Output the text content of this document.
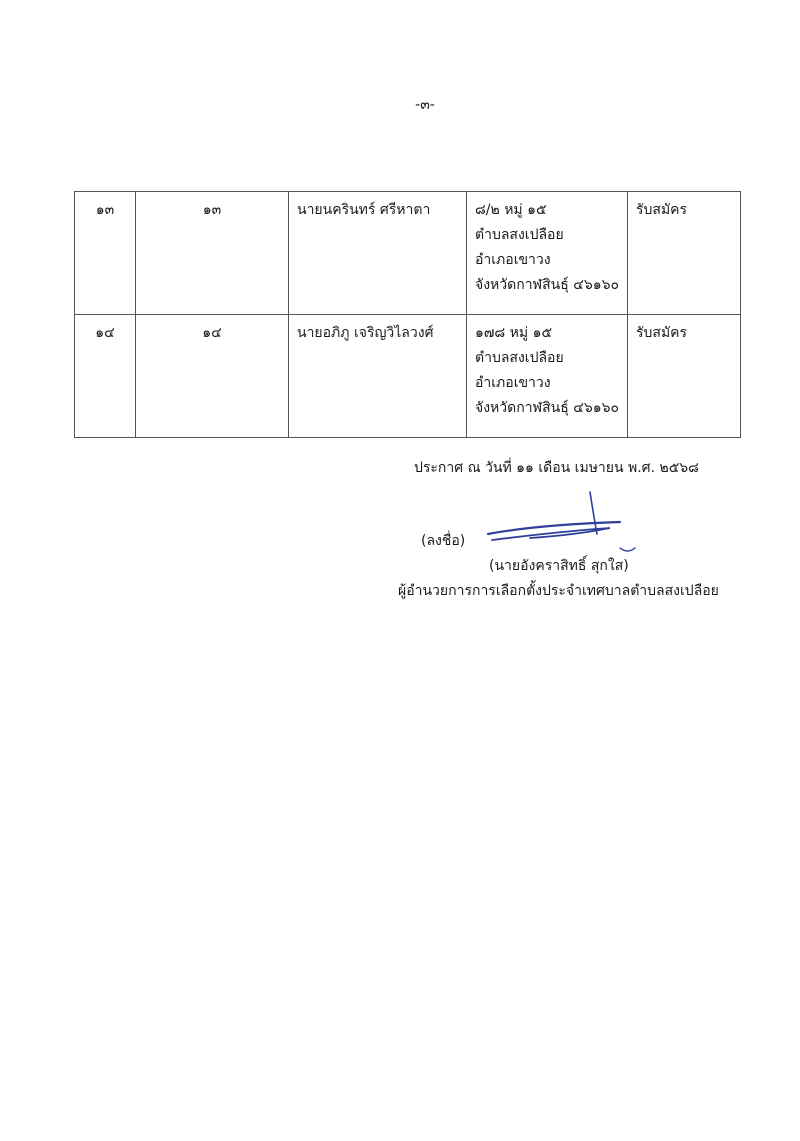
-๓-
๑๓	๑๓	นายนครินทร์ ศรีหาตา	๘/๒ หมู่ ๑๕
ตำบลสงเปลือย
อำเภอเขาวง
จังหวัดกาฬสินธุ์ ๔๖๑๖๐	รับสมัคร
๑๔	๑๔	นายอภิภู เจริญวิไลวงศ์	๑๗๘ หมู่ ๑๕
ตำบลสงเปลือย
อำเภอเขาวง
จังหวัดกาฬสินธุ์ ๔๖๑๖๐	รับสมัคร
ประกาศ ณ วันที่ ๑๑ เดือน เมษายน พ.ศ. ๒๕๖๘
(ลงชื่อ)
(นายอังคราสิทธิ์ สุกใส)
ผู้อำนวยการการเลือกตั้งประจำเทศบาลตำบลสงเปลือย
